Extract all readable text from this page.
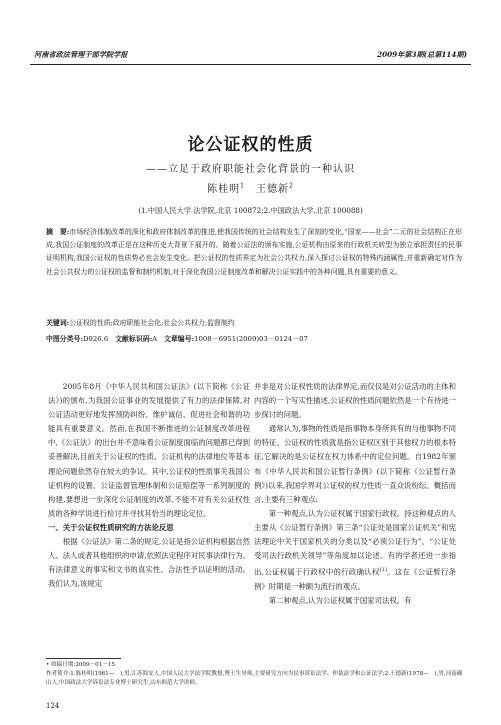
河南省政法管理干部学院学报	2009年第3期(总第114期)
论公证权的性质
——立足于政府职能社会化背景的一种认识
陈桂明$^1$  王德新$^2$
(1.中国人民大学 法学院,北京 100872;2.中国政法大学,北京 100088)
摘　要:市场经济体制改革的深化和政府体制改革的推进,使我国传统的社会结构发生了深刻的变化,“国家——社会”二元的社会结构正在形成,我国公证制度的改革正是在这种历史大背景下展开的。随着公证法的颁布实施,公证机构由原来的行政机关转型为独立承担责任的民事证明机构,我国公证权的性质势必也会发生变化。把公证权的性质界定为社会公共权力,深入探讨公证权的特殊内涵属性,并重新确定对作为社会公共权力的公证权的监督和制约机制,对于深化我国公证制度改革和解决公证实践中的各种问题,具有重要的意义。
关键词:公证权的性质;政府职能社会化;社会公共权力;监督制约
中图分类号:D926.6  文献标识码:A  文章编号:1008－6951(2009)03－0124－07

2005年8月《中华人民共和国公证法》(以下简称《公证法》)的颁布,为我国公证事业的发展提供了有力的法律保障,对公证活动更好地发挥预防纠纷、维护诚信、促进社会和谐的功能具有重要意义。然而,在我国不断推进的公证制度改革进程中,《公证法》的出台并不意味着公证制度面临的问题都已得到妥善解决,目前关于公证权的性质、公证机构的法律地位等基本理论问题依然存在较大的争议。其中,公证权的性质事关我国公证机构的设置、公证监督管理体制和公证赔偿等一系列制度的构建,要想进一步深化公证制度的改革,不能不对有关公证权性质的各种学说进行检讨并寻找其恰当的理论定位。

一、关于公证权性质研究的方法论反思

根据《公证法》第二条的规定,公证是指公证机构根据自然人、法人或者其他组织的申请,依照法定程序对民事法律行为、有法律意义的事实和文书的真实性、合法性予以证明的活动。我们认为,该规定

并非是对公证权性质的法律界定,而仅仅是对公证活动的主体和内容的一个写实性描述,公证权的性质问题依然是一个有待进一步探讨的问题。

通常认为,事物的性质是指事物本身所具有的与他事物不同的特征。公证权的性质就是指公证权区别于其他权力的根本特征,它解决的是公证权在权力体系中的定位问题。自1982年颁布《中华人民共和国公证暂行条例》(以下简称《公证暂行条例》)以来,我国学界对公证权的权力性质一直众说纷纭。概括而言,主要有三种观点:

第一种观点,认为公证权属于国家行政权。持这种观点的人主要从《公证暂行条例》第三条“公证处是国家公证机关”和宪法理论中关于国家机关的分类以及“必须公证行为”、“公证处受司法行政机关领导”等角度加以论述。有的学者还进一步指出,公证权属于行政权中的行政确认权[1]。这在《公证暂行条例》时期是一种颇为流行的观点。

第二种观点,认为公证权属于国家司法权。有

• 收稿日期:2009－01－15
作者简介:1.陈桂明(1961—　),男,江苏海安人,中国人民大学法学院教授,博士生导师,主要研究方向为民事诉讼法学、仲裁法学和公证法学;2.王德新(1978—　),男,河南确山人,中国政法大学诉讼法专业博士研究生,山东师范大学讲师。
124
